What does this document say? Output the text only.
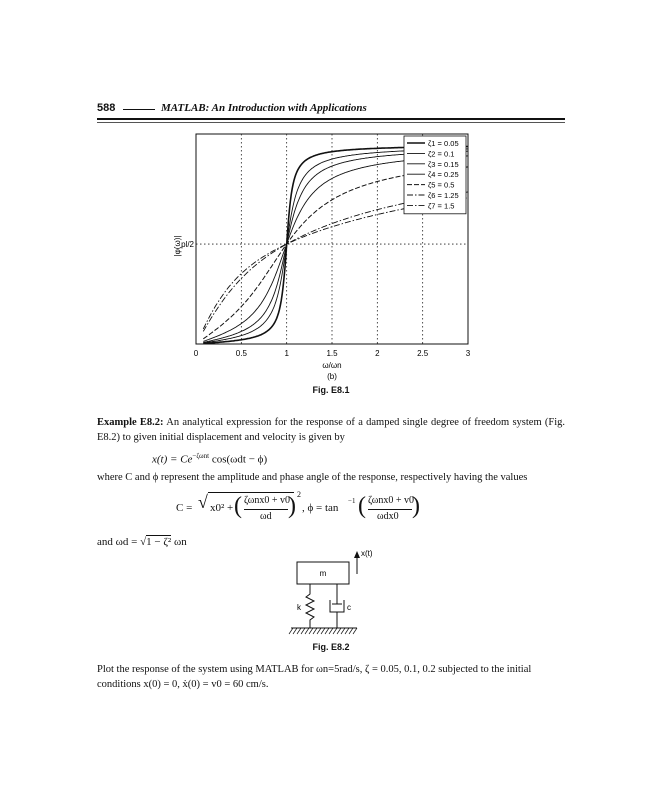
588	MATLAB: An Introduction with Applications
0	0.5	1	1.5	2	2.5	3
|φ(ω)| pl/2
ω/ωn
(b)
ζ1 = 0.05
ζ2 = 0.1
ζ3 = 0.15
ζ4 = 0.25
ζ5 = 0.5
ζ6 = 1.25
ζ7 = 1.5
Fig. E8.1
Example E8.2: An analytical expression for the response of a damped single degree of freedom system (Fig. E8.2) to given initial displacement and velocity is given by
$x(t) = Ce^{-\zeta\omega nt}$ cos(ωdt − ϕ)
where C and ϕ represent the amplitude and phase angle of the response, respectively having the values
C = √ x0² + ( ζωnx0 + v0
ωd ) 2
, ϕ = tan
−1 ( ζωnx0 + v0
ωdx0 )
and ωd = √1 − ζ² ωn
m
x(t)
k	c
Fig. E8.2
Plot the response of the system using MATLAB for ωn=5rad/s, ζ = 0.05, 0.1, 0.2 subjected to the initial
conditions x(0) = 0, ẋ(0) = v0 = 60 cm/s.
